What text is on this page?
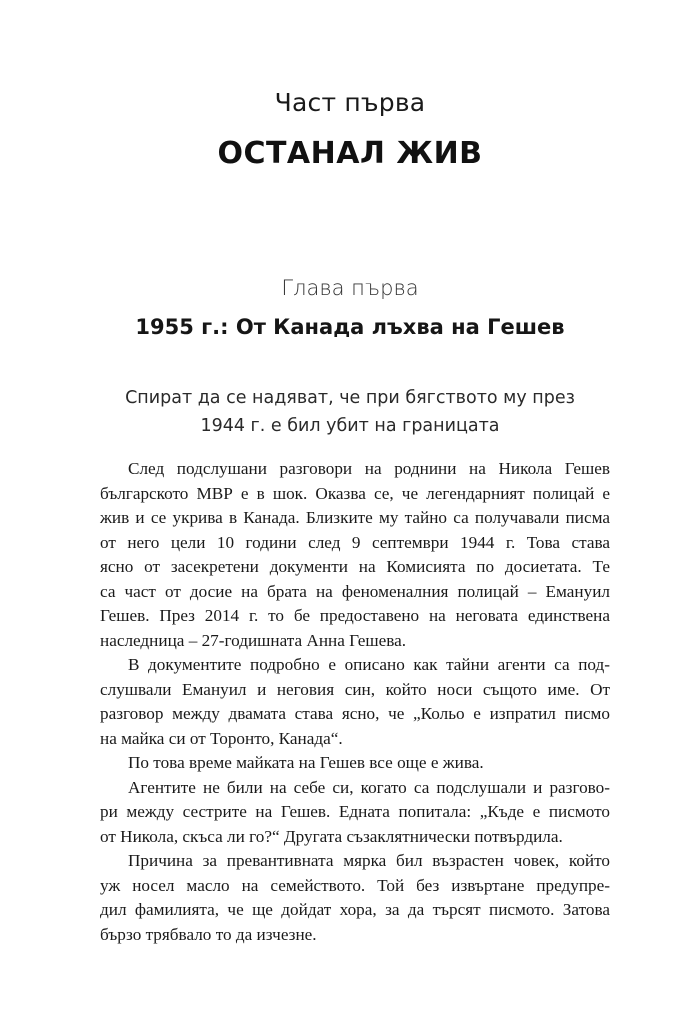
Част първа
ОСТАНАЛ ЖИВ
Глава първа
1955 г.: От Канада лъхва на Гешев
Спират да се надяват, че при бягството му през
1944 г. е бил убит на границата
След подслушани разговори на роднини на Никола Гешев
българското МВР е в шок. Оказва се, че легендарният полицай е
жив и се укрива в Канада. Близките му тайно са получавали писма
от него цели 10 години след 9 септември 1944 г. Това става
ясно от засекретени документи на Комисията по досиетата. Те
са част от досие на брата на феноменалния полицай – Емануил
Гешев. През 2014 г. то бе предоставено на неговата единствена
наследница – 27-годишната Анна Гешева.
В документите подробно е описано как тайни агенти са под-
слушвали Емануил и неговия син, който носи същото име. От
разговор между двамата става ясно, че „Кольо е изпратил писмо
на майка си от Торонто, Канада“.
По това време майката на Гешев все още е жива.
Агентите не били на себе си, когато са подслушали и разгово-
ри между сестрите на Гешев. Едната попитала: „Къде е писмото
от Никола, скъса ли го?“ Другата съзаклятнически потвърдила.
Причина за превантивната мярка бил възрастен човек, който
уж носел масло на семейството. Той без извъртане предупре-
дил фамилията, че ще дойдат хора, за да търсят писмото. Затова
бързо трябвало то да изчезне.
